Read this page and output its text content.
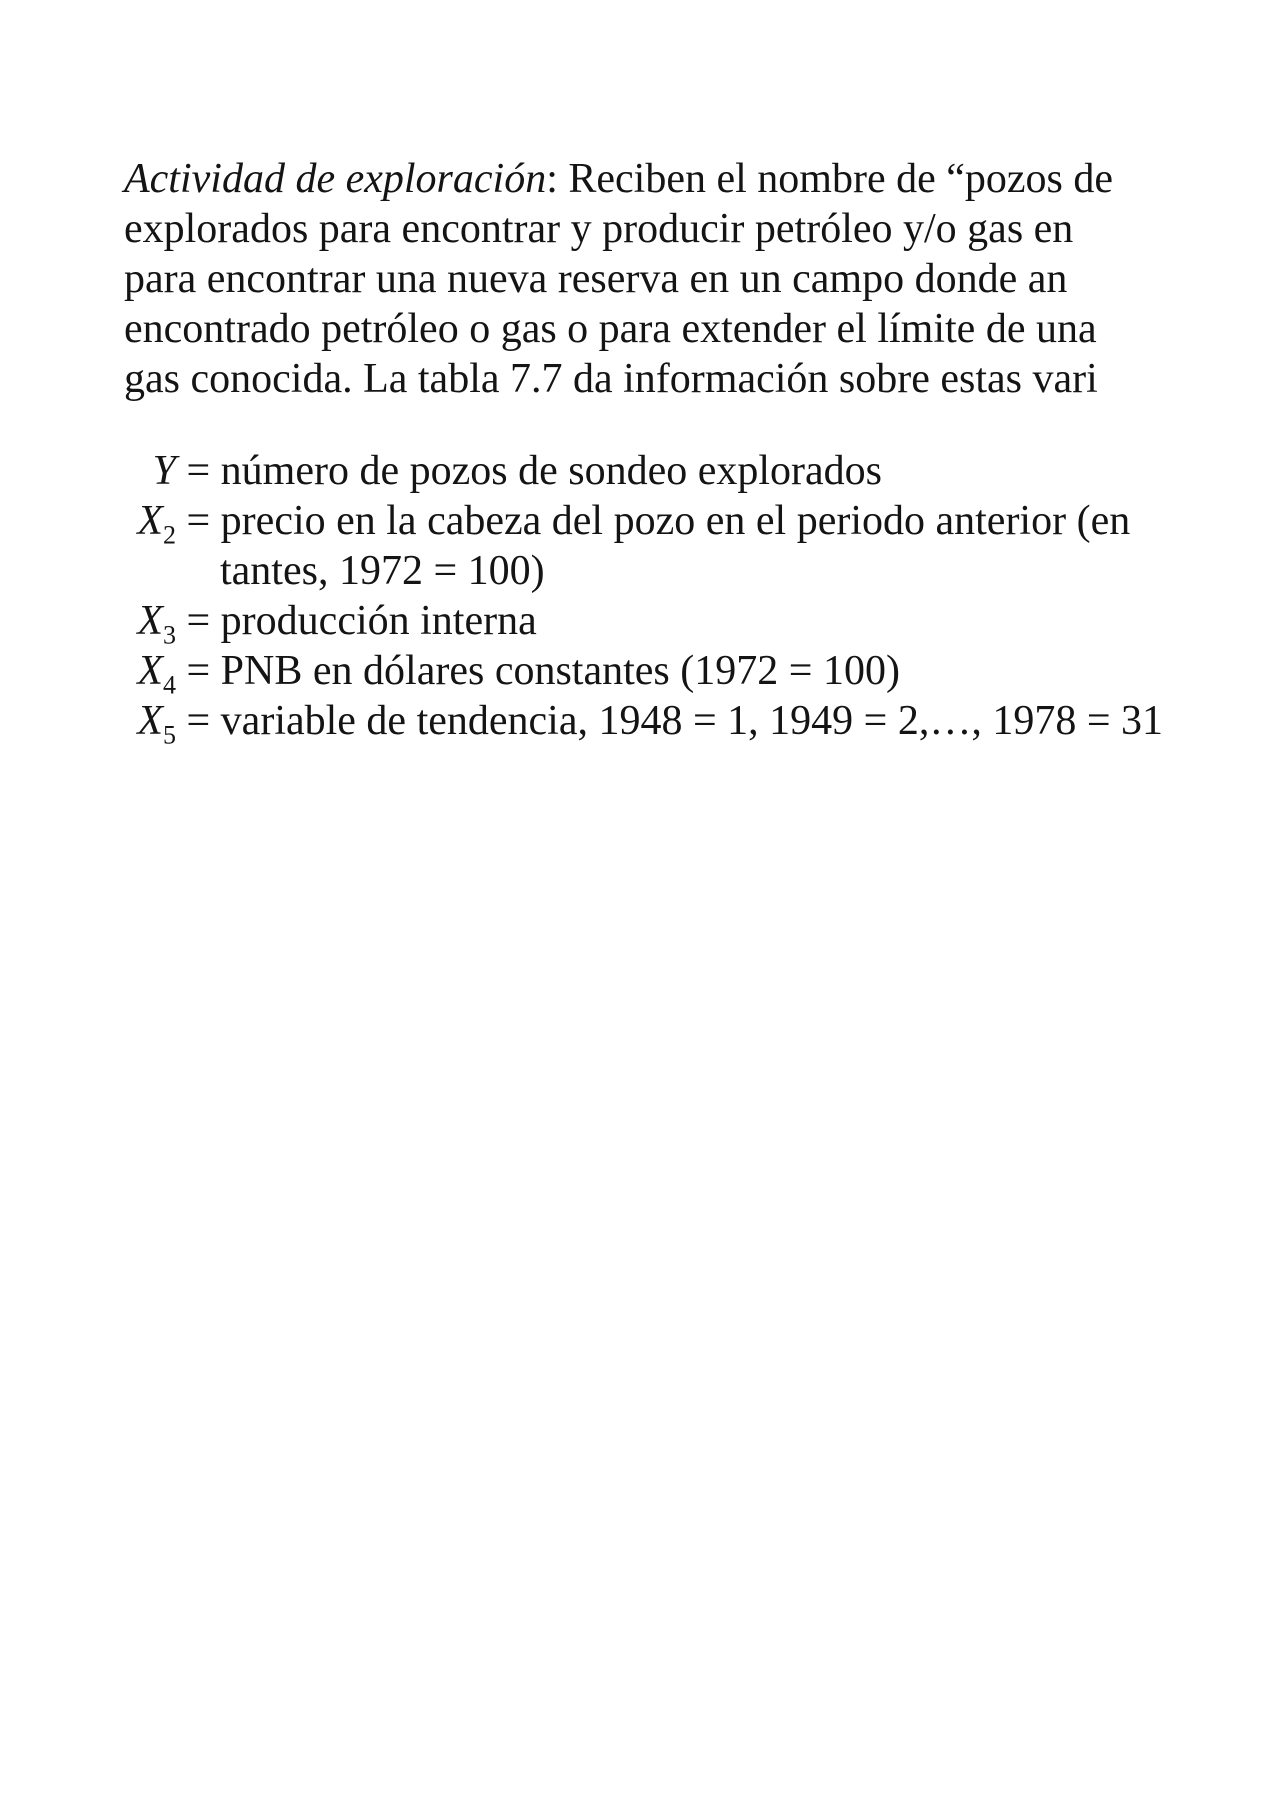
Actividad de exploración: Reciben el nombre de “pozos de
explorados para encontrar y producir petróleo y/o gas en
para encontrar una nueva reserva en un campo donde an
encontrado petróleo o gas o para extender el límite de una
gas conocida. La tabla 7.7 da información sobre estas vari
Y = número de pozos de sondeo explorados
$X_2$ = precio en la cabeza del pozo en el periodo anterior (en
tantes, 1972 = 100)
$X_3$ = producción interna
$X_4$ = PNB en dólares constantes (1972 = 100)
$X_5$ = variable de tendencia, 1948 = 1, 1949 = 2,…, 1978 = 31
